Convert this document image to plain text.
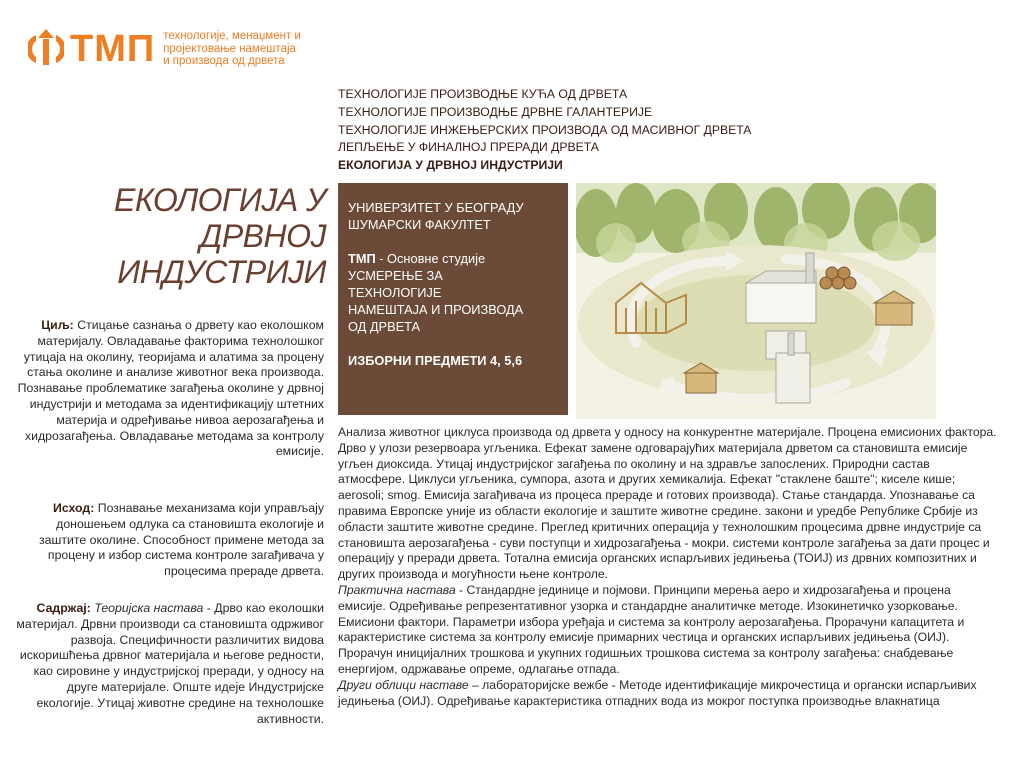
ТМП технологије, менаџмент и
пројектовање намештаја
и производа од дрвета
ТЕХНОЛОГИЈЕ ПРОИЗВОДЊЕ КУЋА ОД ДРВЕТА
ТЕХНОЛОГИЈЕ ПРОИЗВОДЊЕ ДРВНЕ ГАЛАНТЕРИЈЕ
ТЕХНОЛОГИЈЕ ИНЖЕЊЕРСКИХ ПРОИЗВОДА ОД МАСИВНОГ ДРВЕТА
ЛЕПЉЕЊЕ У ФИНАЛНОЈ ПРЕРАДИ ДРВЕТА
ЕКОЛОГИЈА У ДРВНОЈ ИНДУСТРИЈИ
ЕКОЛОГИЈА У
ДРВНОЈ
ИНДУСТРИЈИ
Циљ: Стицање сазнања о дрвету као еколошком материјалу. Овладавање факторима технолошког утицаја на околину, теоријама и алатима за процену стања околине и анализе животног века производа. Познавање проблематике загађења околине у дрвној индустрији и методама за идентификацију штетних материја и одређивање нивоа аерозагађења и хидрозагађења. Овладавање методама за контролу емисије.
Исход: Познавање механизама који управљају доношењем одлука са становишта екологије и заштите околине. Способност примене метода за процену и избор система контроле загађивача у процесима прераде дрвета.
Садржај: Теоријска настава - Дрво као еколошки материјал. Дрвни производи са становишта одрживог развоја. Специфичности различитих видова искоришћења дрвног материјала и његове редности, као сировине у индустријској преради, у односу на друге материјале. Опште идеје Индустријске екологије. Утицај животне средине на технолошке активности.
УНИВЕРЗИТЕТ У БЕОГРАДУ
ШУМАРСКИ ФАКУЛТЕТ
ТМП - Основне студије
УСМЕРЕЊЕ ЗА
ТЕХНОЛОГИЈЕ
НАМЕШТАЈА И ПРОИЗВОДА
ОД ДРВЕТА
ИЗБОРНИ ПРЕДМЕТИ 4, 5,6
Анализа животног циклуса производа од дрвета у односу на конкурентне материјале. Процена емисионих фактора. Дрво у улози резервоара угљеника. Ефекат замене одговарајућих материјала дрветом са становишта емисије угљен диоксида. Утицај индустријског загађења по околину и на здравље запослених. Природни састав атмосфере. Циклуси угљеника, сумпора, азота и других хемикалија. Ефекат "стаклене баште"; киселе кише; aerosoli; smog. Емисија загађивача из процеса прераде и готових производа). Стање стандарда. Упознавање са правима Европске уније из области екологије и заштите животне средине. закони и уредбе Републике Србије из области заштите животне средине. Преглед критичних операција у технолошким процесима дрвне индустрије са становишта аерозагађења - суви поступци и хидрозагађења - мокри. системи контроле загађења за дати процес и операцију у преради дрвета. Тотална емисија органских испарљивих једињења (ТОИЈ) из дрвних композитних и других производа и могућности њене контроле.
Практична настава - Стандардне јединице и појмови. Принципи мерења аеро и хидрозагађења и процена емисије. Одређивање репрезентативног узорка и стандардне аналитичке методе. Изокинетичко узорковање. Емисиони фактори. Параметри избора уређаја и система за контролу аерозагађења. Прорачуни капацитета и карактеристике система за контролу емисије примарних честица и органских испарљивих једињења (ОИЈ). Прорачун иницијалних трошкова и укупних годишњих трошкова система за контролу загађења: снабдевање енергијом, одржавање опреме, одлагање отпада.
Други облици наставе – лабораторијске вежбе - Методе идентификације микрочестица и органски испарљивих једињења (ОИЈ). Одређивање карактеристика отпадних вода из мокрог поступка производње влакнатица
